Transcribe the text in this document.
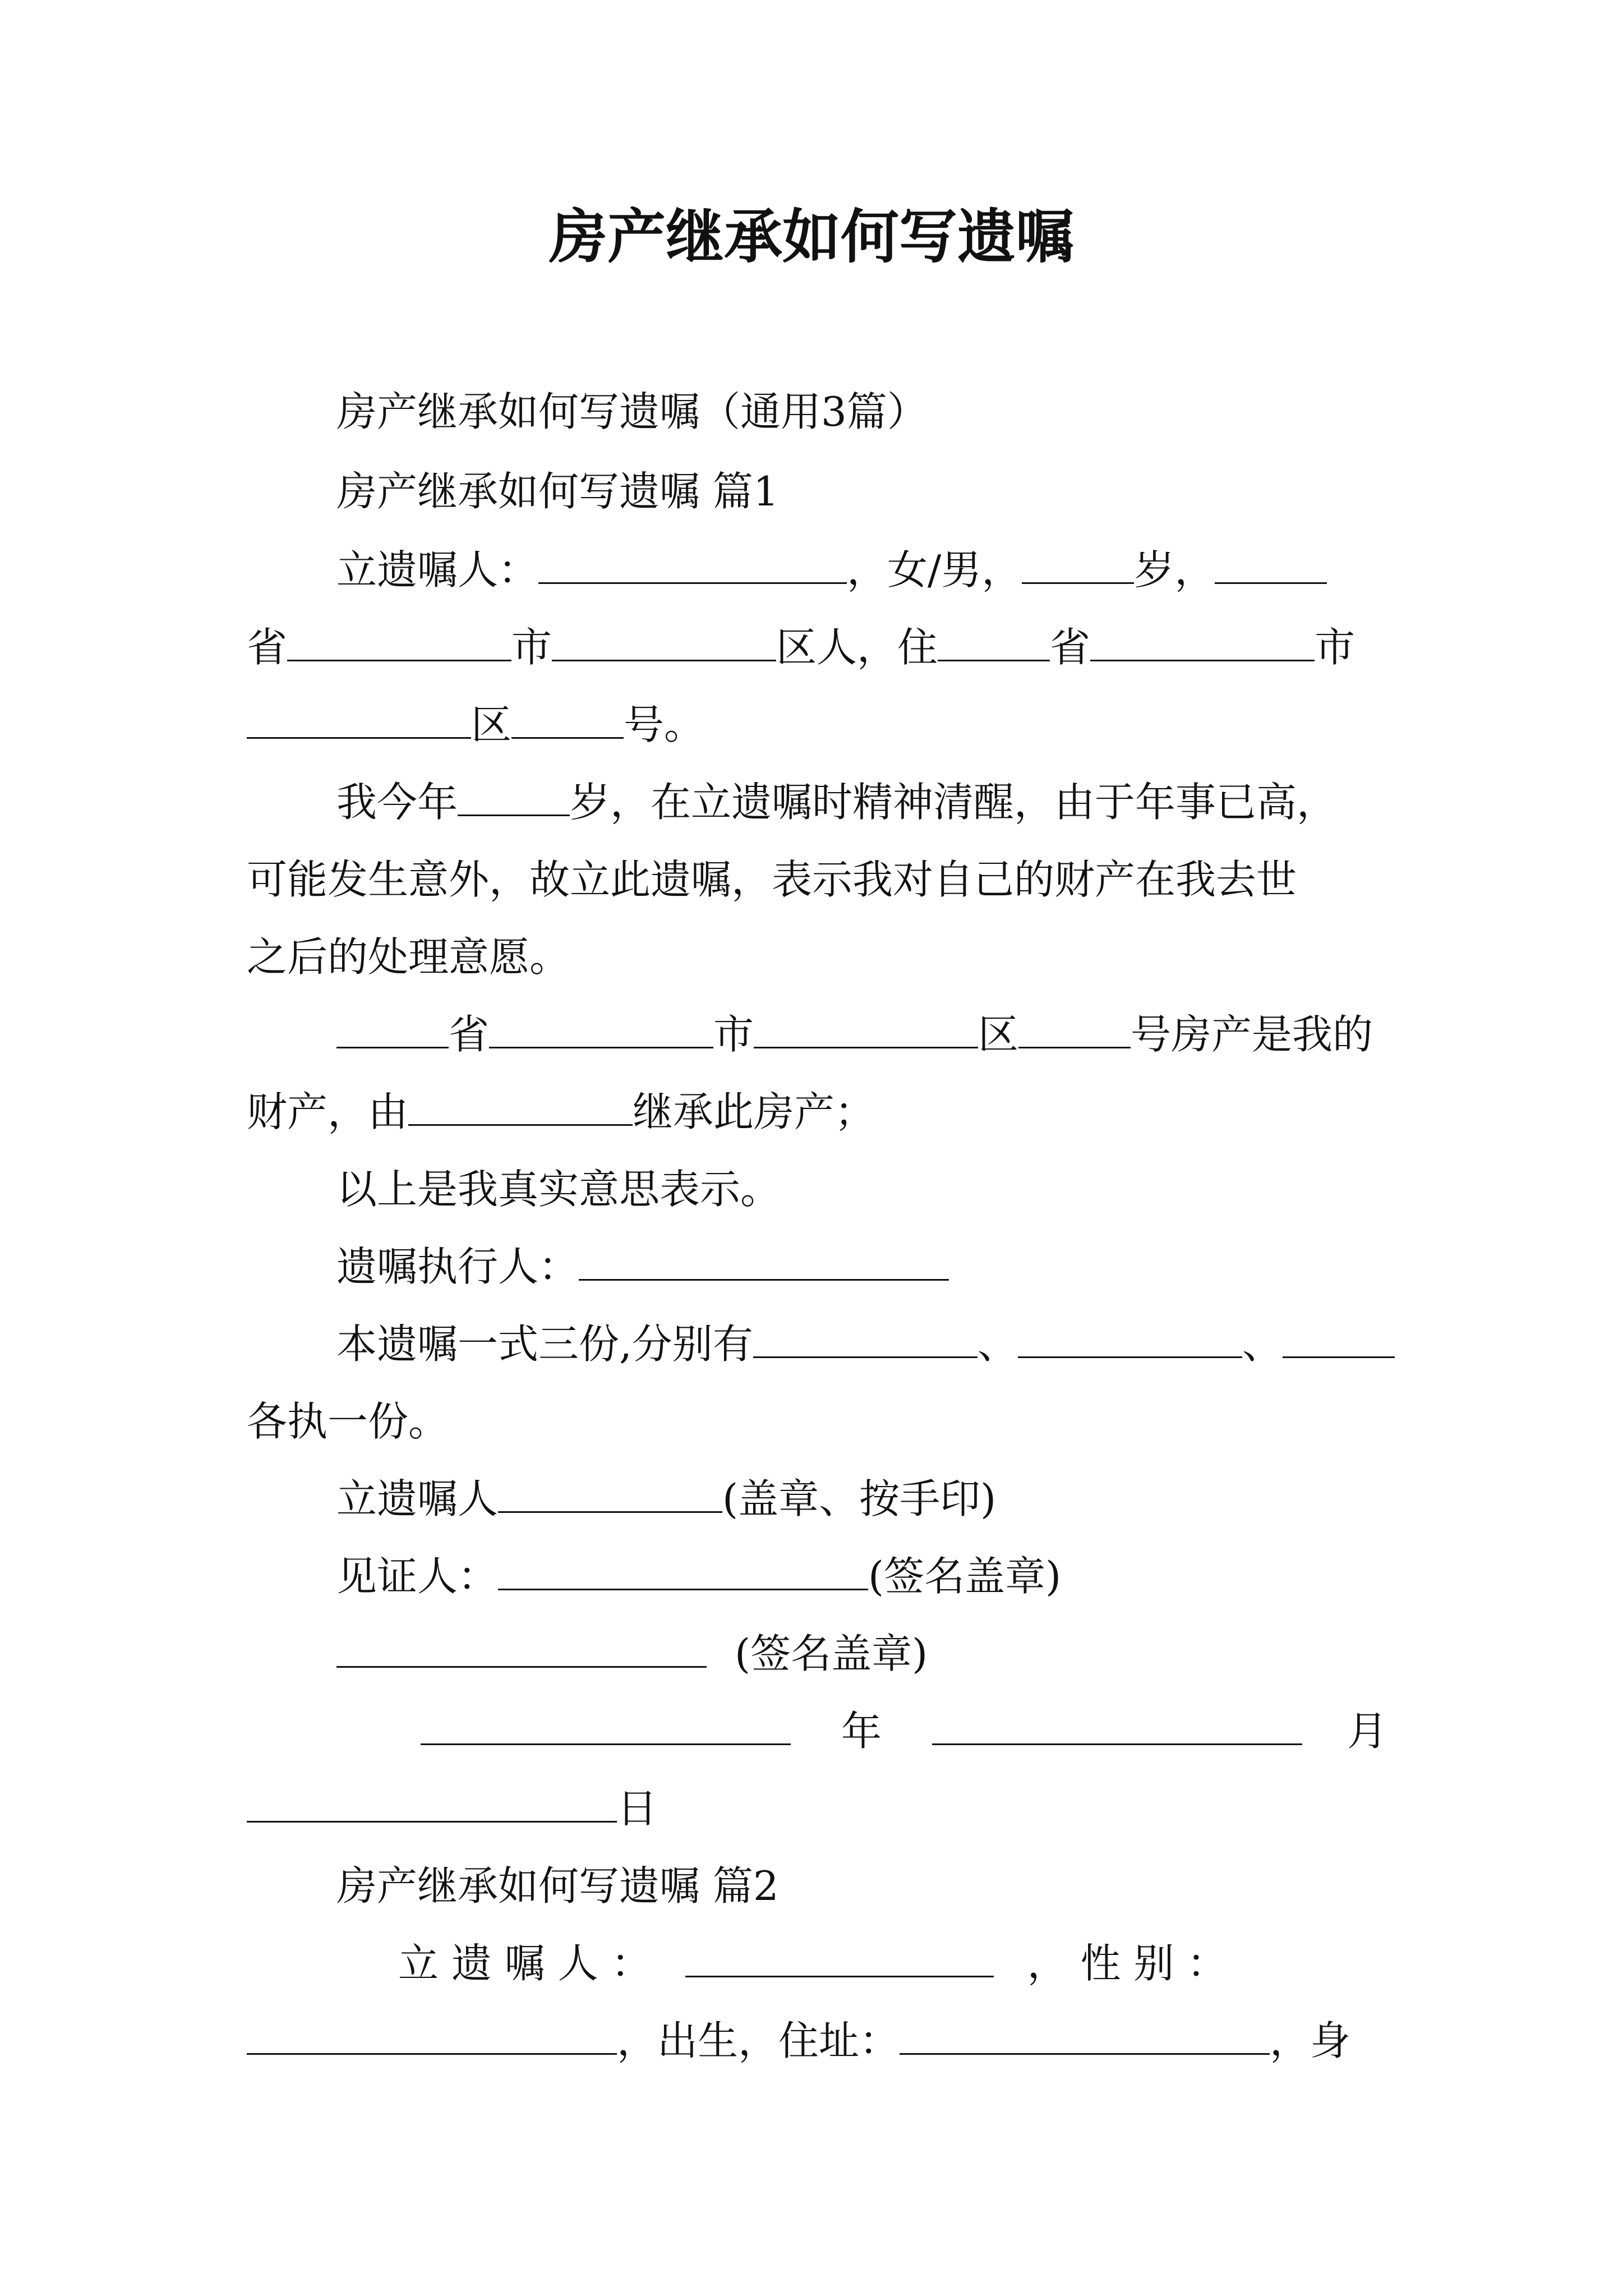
房产继承如何写遗嘱
房产继承如何写遗嘱（通用3篇）
房产继承如何写遗嘱 篇1
立遗嘱人：	，女/男，	岁，
省	市	区人，住	省	市
区	号。
我今年	岁，在立遗嘱时精神清醒，由于年事已高，
可能发生意外，故立此遗嘱，表示我对自己的财产在我去世
之后的处理意愿。
省	市	区	号房产是我的
财产，由	继承此房产；
以上是我真实意思表示。
遗嘱执行人：
本遗嘱一式三份,分别有	、	、
各执一份。
立遗嘱人	(盖章、按手印)
见证人：	(签名盖章)
(签名盖章)
年	月
日
房产继承如何写遗嘱 篇2
立 遗 嘱 人 ：	， 性 别 ：
，出生，住址：	，身
